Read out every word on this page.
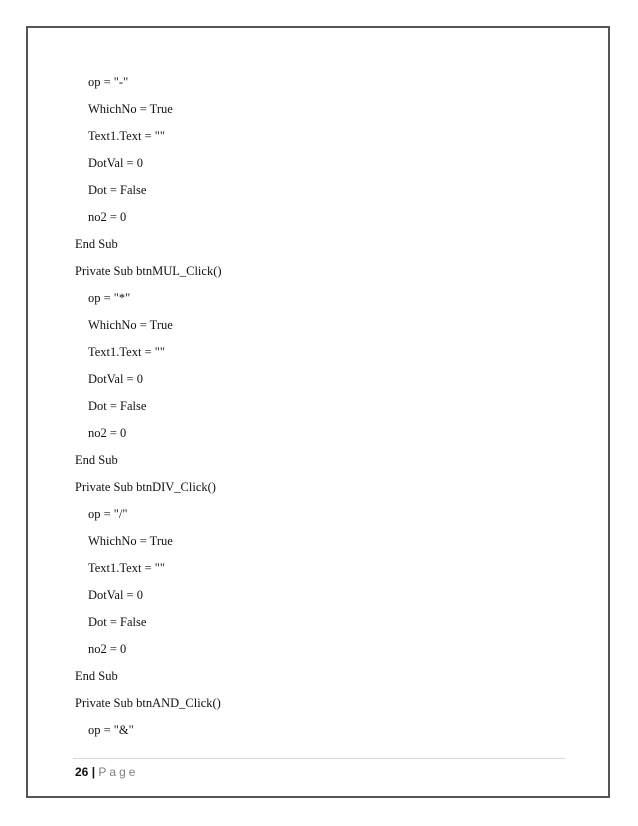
op = "-"
WhichNo = True
Text1.Text = ""
DotVal = 0
Dot = False
no2 = 0
End Sub
Private Sub btnMUL_Click()
op = "*"
WhichNo = True
Text1.Text = ""
DotVal = 0
Dot = False
no2 = 0
End Sub
Private Sub btnDIV_Click()
op = "/"
WhichNo = True
Text1.Text = ""
DotVal = 0
Dot = False
no2 = 0
End Sub
Private Sub btnAND_Click()
op = "&"
26 | Page
